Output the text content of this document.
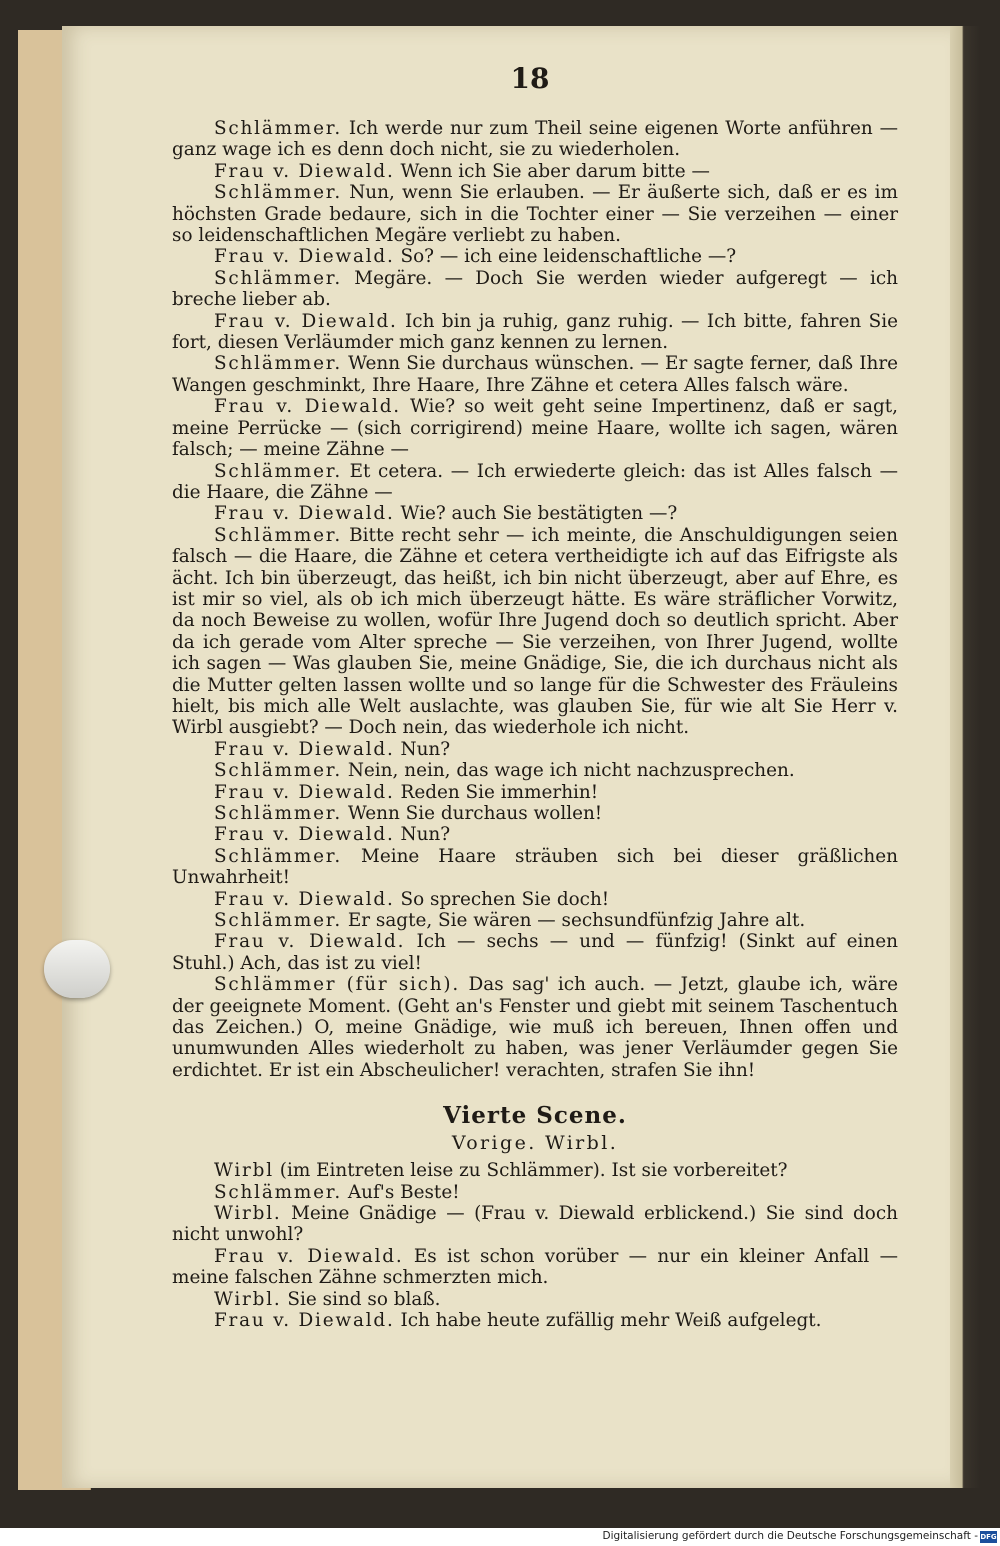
18

Schlämmer. Ich werde nur zum Theil seine eigenen Worte anführen — ganz wage ich es denn doch nicht, sie zu wiederholen.

Frau v. Diewald. Wenn ich Sie aber darum bitte —

Schlämmer. Nun, wenn Sie erlauben. — Er äußerte sich, daß er es im höchsten Grade bedaure, sich in die Tochter einer — Sie verzeihen — einer so leidenschaftlichen Megäre verliebt zu haben.

Frau v. Diewald. So? — ich eine leidenschaftliche —?

Schlämmer. Megäre. — Doch Sie werden wieder aufgeregt — ich breche lieber ab.

Frau v. Diewald. Ich bin ja ruhig, ganz ruhig. — Ich bitte, fahren Sie fort, diesen Verläumder mich ganz kennen zu lernen.

Schlämmer. Wenn Sie durchaus wünschen. — Er sagte ferner, daß Ihre Wangen geschminkt, Ihre Haare, Ihre Zähne et cetera Alles falsch wäre.

Frau v. Diewald. Wie? so weit geht seine Impertinenz, daß er sagt, meine Perrücke — (sich corrigirend) meine Haare, wollte ich sagen, wären falsch; — meine Zähne —

Schlämmer. Et cetera. — Ich erwiederte gleich: das ist Alles falsch — die Haare, die Zähne —

Frau v. Diewald. Wie? auch Sie bestätigten —?

Schlämmer. Bitte recht sehr — ich meinte, die Anschuldigungen seien falsch — die Haare, die Zähne et cetera vertheidigte ich auf das Eifrigste als ächt. Ich bin überzeugt, das heißt, ich bin nicht überzeugt, aber auf Ehre, es ist mir so viel, als ob ich mich überzeugt hätte. Es wäre sträflicher Vorwitz, da noch Beweise zu wollen, wofür Ihre Jugend doch so deutlich spricht. Aber da ich gerade vom Alter spreche — Sie verzeihen, von Ihrer Jugend, wollte ich sagen — Was glauben Sie, meine Gnädige, Sie, die ich durchaus nicht als die Mutter gelten lassen wollte und so lange für die Schwester des Fräuleins hielt, bis mich alle Welt auslachte, was glauben Sie, für wie alt Sie Herr v. Wirbl ausgiebt? — Doch nein, das wiederhole ich nicht.

Frau v. Diewald. Nun?

Schlämmer. Nein, nein, das wage ich nicht nachzusprechen.

Frau v. Diewald. Reden Sie immerhin!

Schlämmer. Wenn Sie durchaus wollen!

Frau v. Diewald. Nun?

Schlämmer. Meine Haare sträuben sich bei dieser gräßlichen Unwahrheit!

Frau v. Diewald. So sprechen Sie doch!

Schlämmer. Er sagte, Sie wären — sechsundfünfzig Jahre alt.

Frau v. Diewald. Ich — sechs — und — fünfzig! (Sinkt auf einen Stuhl.) Ach, das ist zu viel!

Schlämmer (für sich). Das sag' ich auch. — Jetzt, glaube ich, wäre der geeignete Moment. (Geht an's Fenster und giebt mit seinem Taschentuch das Zeichen.) O, meine Gnädige, wie muß ich bereuen, Ihnen offen und unumwunden Alles wiederholt zu haben, was jener Verläumder gegen Sie erdichtet. Er ist ein Abscheulicher! verachten, strafen Sie ihn!

Vierte Scene.
Vorige. Wirbl.

Wirbl (im Eintreten leise zu Schlämmer). Ist sie vorbereitet?

Schlämmer. Auf's Beste!

Wirbl. Meine Gnädige — (Frau v. Diewald erblickend.) Sie sind doch nicht unwohl?

Frau v. Diewald. Es ist schon vorüber — nur ein kleiner Anfall — meine falschen Zähne schmerzten mich.

Wirbl. Sie sind so blaß.

Frau v. Diewald. Ich habe heute zufällig mehr Weiß aufgelegt.

Digitalisierung gefördert durch die Deutsche Forschungsgemeinschaft - DFG
